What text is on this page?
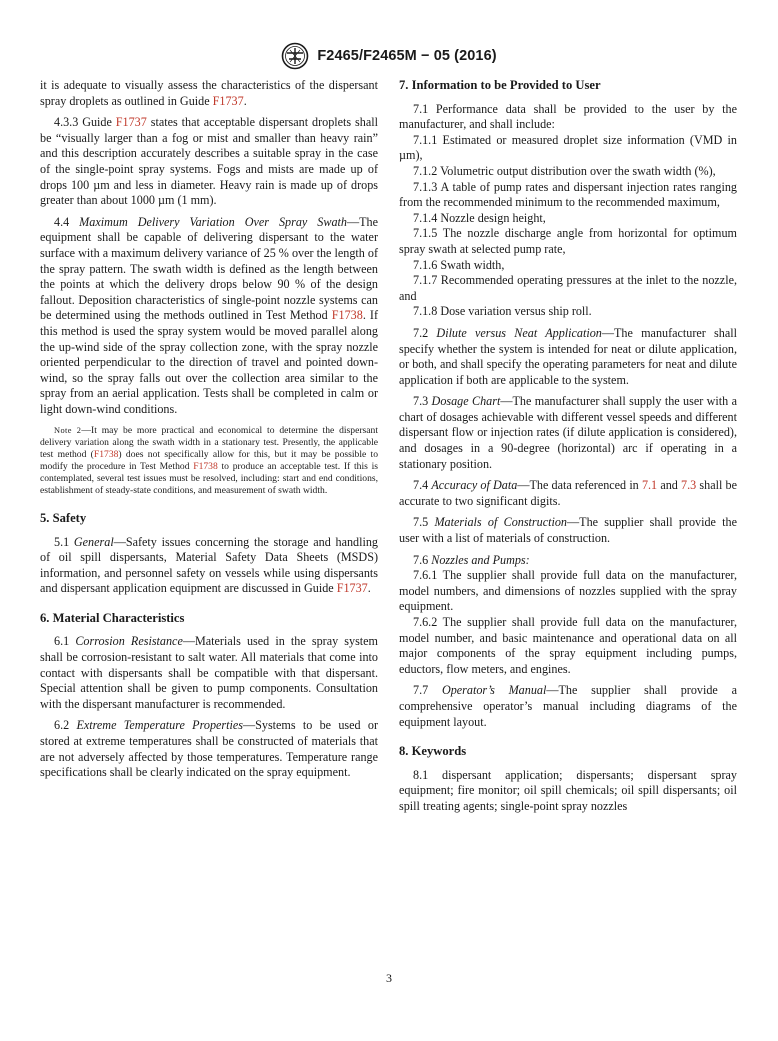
F2465/F2465M − 05 (2016)

it is adequate to visually assess the characteristics of the dispersant spray droplets as outlined in Guide F1737.

4.3.3 Guide F1737 states that acceptable dispersant droplets shall be “visually larger than a fog or mist and smaller than heavy rain” and this description accurately describes a suitable spray in the case of the single-point spray systems. Fogs and mists are made up of drops 100 µm and less in diameter. Heavy rain is made up of drops greater than about 1000 µm (1 mm).

4.4 Maximum Delivery Variation Over Spray Swath—The equipment shall be capable of delivering dispersant to the water surface with a maximum delivery variance of 25 % over the length of the spray pattern. The swath width is defined as the length between the points at which the delivery drops below 90 % of the design fallout. Deposition characteristics of single-point nozzle systems can be determined using the methods outlined in Test Method F1738. If this method is used the spray system would be moved parallel along the up-wind side of the spray collection zone, with the spray nozzle oriented perpendicular to the direction of travel and pointed down-wind, so the spray falls out over the collection area similar to the spray from an aerial application. Tests shall be completed in calm or light down-wind conditions.

Note 2—It may be more practical and economical to determine the dispersant delivery variation along the swath width in a stationary test. Presently, the applicable test method (F1738) does not specifically allow for this, but it may be possible to modify the procedure in Test Method F1738 to produce an acceptable test. If this is contemplated, several test issues must be resolved, including: start and end conditions, establishment of steady-state conditions, and measurement of swath width.

5. Safety

5.1 General—Safety issues concerning the storage and handling of oil spill dispersants, Material Safety Data Sheets (MSDS) information, and personnel safety on vessels while using dispersants and dispersant application equipment are discussed in Guide F1737.

6. Material Characteristics

6.1 Corrosion Resistance—Materials used in the spray system shall be corrosion-resistant to salt water. All materials that come into contact with dispersants shall be compatible with that dispersant. Special attention shall be given to pump components. Consultation with the dispersant manufacturer is recommended.

6.2 Extreme Temperature Properties—Systems to be used or stored at extreme temperatures shall be constructed of materials that are not adversely affected by those temperatures. Temperature range specifications shall be clearly indicated on the spray equipment.

7. Information to be Provided to User

7.1 Performance data shall be provided to the user by the manufacturer, and shall include:

7.1.1 Estimated or measured droplet size information (VMD in µm),

7.1.2 Volumetric output distribution over the swath width (%),

7.1.3 A table of pump rates and dispersant injection rates ranging from the recommended minimum to the recommended maximum,

7.1.4 Nozzle design height,

7.1.5 The nozzle discharge angle from horizontal for optimum spray swath at selected pump rate,

7.1.6 Swath width,

7.1.7 Recommended operating pressures at the inlet to the nozzle, and

7.1.8 Dose variation versus ship roll.

7.2 Dilute versus Neat Application—The manufacturer shall specify whether the system is intended for neat or dilute application, or both, and shall specify the operating parameters for neat and dilute application if both are applicable to the system.

7.3 Dosage Chart—The manufacturer shall supply the user with a chart of dosages achievable with different vessel speeds and different dispersant flow or injection rates (if dilute application is considered), and dosages in a 90-degree (horizontal) arc if operating in a stationary position.

7.4 Accuracy of Data—The data referenced in 7.1 and 7.3 shall be accurate to two significant digits.

7.5 Materials of Construction—The supplier shall provide the user with a list of materials of construction.

7.6 Nozzles and Pumps:

7.6.1 The supplier shall provide full data on the manufacturer, model numbers, and dimensions of nozzles supplied with the spray equipment.

7.6.2 The supplier shall provide full data on the manufacturer, model number, and basic maintenance and operational data on all major components of the spray equipment including pumps, eductors, flow meters, and engines.

7.7 Operator’s Manual—The supplier shall provide a comprehensive operator’s manual including diagrams of the equipment layout.

8. Keywords

8.1 dispersant application; dispersants; dispersant spray equipment; fire monitor; oil spill chemicals; oil spill dispersants; oil spill treating agents; single-point spray nozzles

3
